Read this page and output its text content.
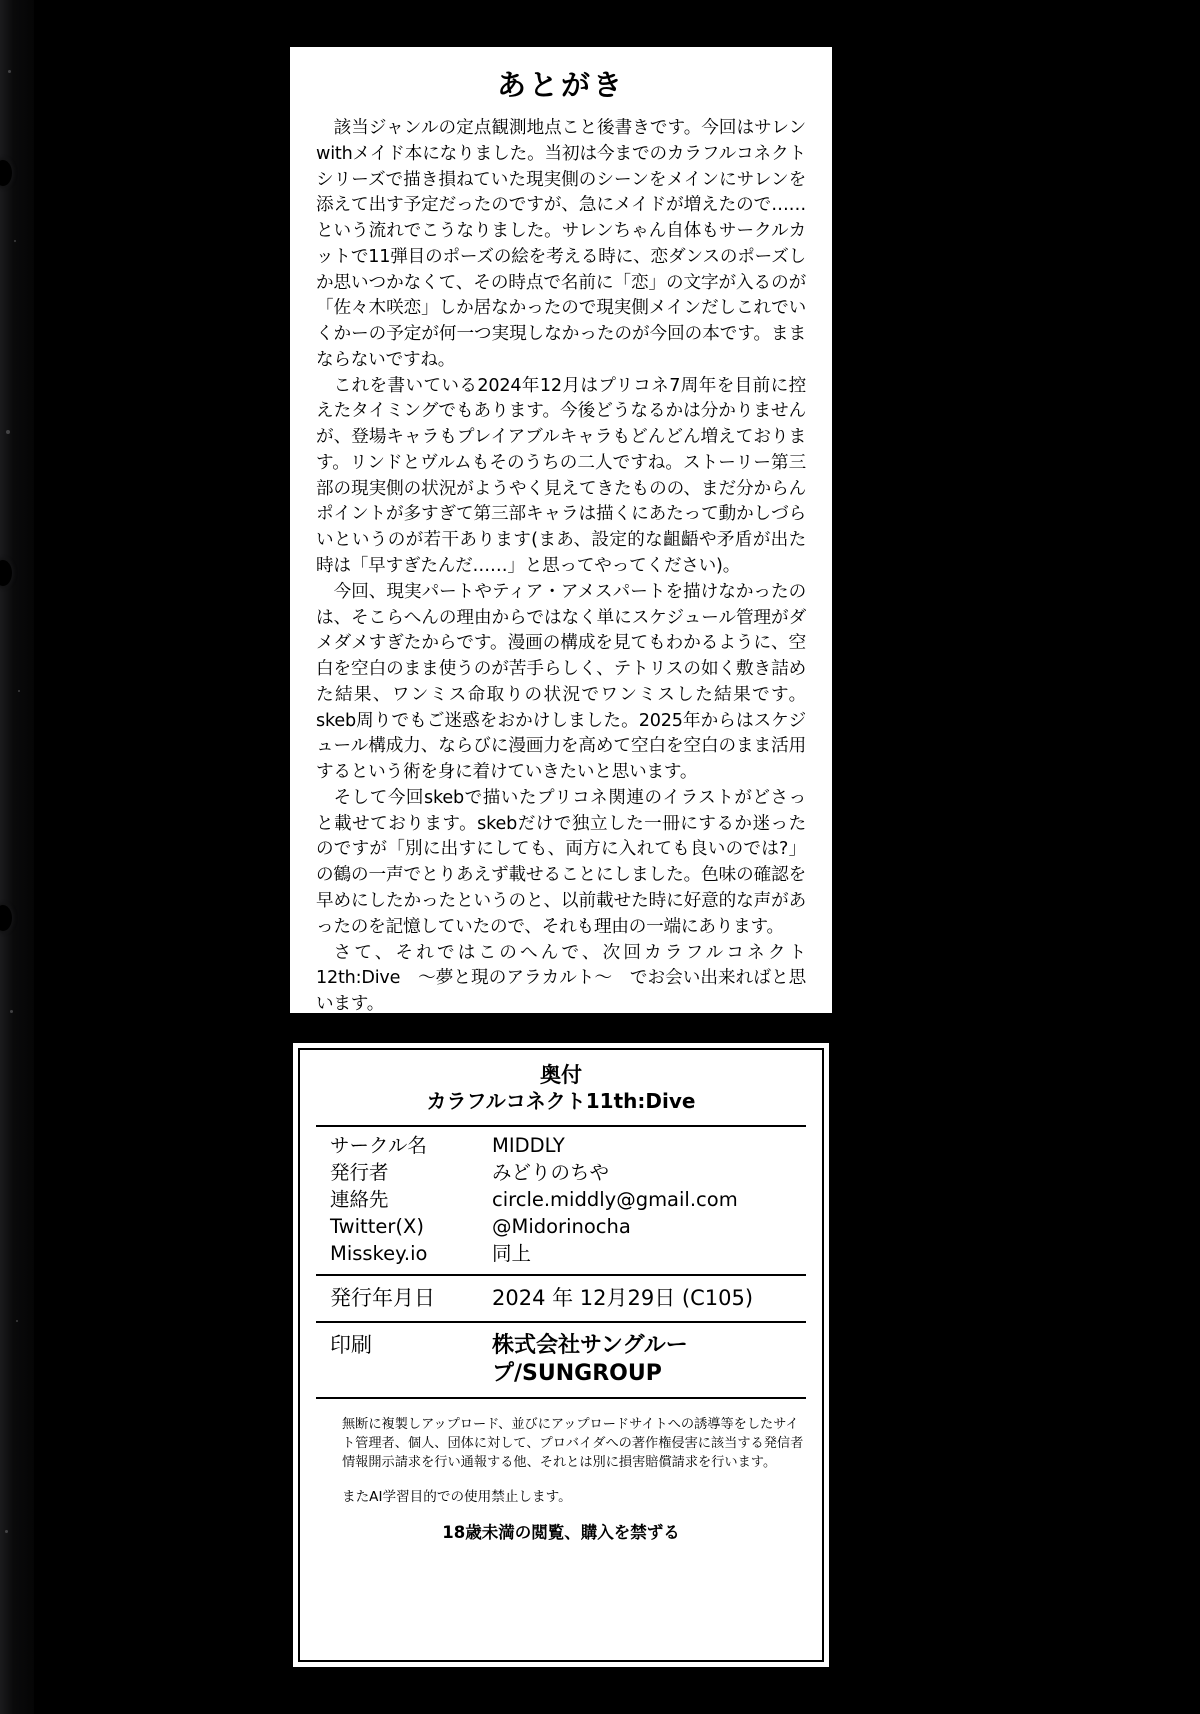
あとがき

該当ジャンルの定点観測地点こと後書きです。今回はサレンwithメイド本になりました。当初は今までのカラフルコネクトシリーズで描き損ねていた現実側のシーンをメインにサレンを添えて出す予定だったのですが、急にメイドが増えたので……という流れでこうなりました。サレンちゃん自体もサークルカットで11弾目のポーズの絵を考える時に、恋ダンスのポーズしか思いつかなくて、その時点で名前に「恋」の文字が入るのが「佐々木咲恋」しか居なかったので現実側メインだしこれでいくかーの予定が何一つ実現しなかったのが今回の本です。ままならないですね。

これを書いている2024年12月はプリコネ7周年を目前に控えたタイミングでもあります。今後どうなるかは分かりませんが、登場キャラもプレイアブルキャラもどんどん増えております。リンドとヴルムもそのうちの二人ですね。ストーリー第三部の現実側の状況がようやく見えてきたものの、まだ分からんポイントが多すぎて第三部キャラは描くにあたって動かしづらいというのが若干あります(まあ、設定的な齟齬や矛盾が出た時は「早すぎたんだ……」と思ってやってください)。

今回、現実パートやティア・アメスパートを描けなかったのは、そこらへんの理由からではなく単にスケジュール管理がダメダメすぎたからです。漫画の構成を見てもわかるように、空白を空白のまま使うのが苦手らしく、テトリスの如く敷き詰めた結果、ワンミス命取りの状況でワンミスした結果です。skeb周りでもご迷惑をおかけしました。2025年からはスケジュール構成力、ならびに漫画力を高めて空白を空白のまま活用するという術を身に着けていきたいと思います。

そして今回skebで描いたプリコネ関連のイラストがどさっと載せております。skebだけで独立した一冊にするか迷ったのですが「別に出すにしても、両方に入れても良いのでは?」の鶴の一声でとりあえず載せることにしました。色味の確認を早めにしたかったというのと、以前載せた時に好意的な声があったのを記憶していたので、それも理由の一端にあります。

さて、それではこのへんで、次回カラフルコネクト12th:Dive　〜夢と現のアラカルト〜　でお会い出来ればと思います。

次こそ現実編メイン本描くぞ〜!お〜!

奥付
カラフルコネクト11th:Dive
サークル名	MIDDLY
発行者	みどりのちや
連絡先	circle.middly@gmail.com
Twitter(X)	@Midorinocha
Misskey.io	同上
発行年月日	2024 年 12月29日 (C105)
印刷	株式会社サングループ/SUNGROUP
無断に複製しアップロード、並びにアップロードサイトへの誘導等をしたサイト管理者、個人、団体に対して、プロバイダへの著作権侵害に該当する発信者情報開示請求を行い通報する他、それとは別に損害賠償請求を行います。
またAI学習目的での使用禁止します。
18歳未満の閲覧、購入を禁ずる
